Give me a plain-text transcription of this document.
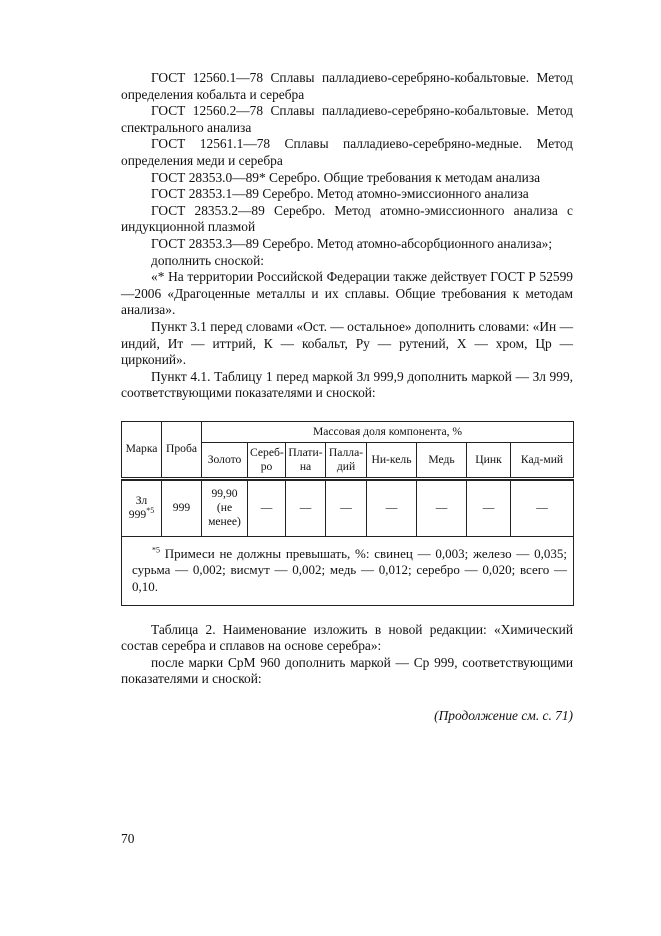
ГОСТ 12560.1—78 Сплавы палладиево-серебряно-кобальтовые. Метод определения кобальта и серебра

ГОСТ 12560.2—78 Сплавы палладиево-серебряно-кобальтовые. Метод спектрального анализа

ГОСТ 12561.1—78 Сплавы палладиево-серебряно-медные. Метод определения меди и серебра

ГОСТ 28353.0—89* Серебро. Общие требования к методам анализа

ГОСТ 28353.1—89 Серебро. Метод атомно-эмиссионного анализа

ГОСТ 28353.2—89 Серебро. Метод атомно-эмиссионного анализа с индукционной плазмой

ГОСТ 28353.3—89 Серебро. Метод атомно-абсорбционного анализа»;

дополнить сноской:

«* На территории Российской Федерации также действует ГОСТ Р 52599—2006 «Драгоценные металлы и их сплавы. Общие требования к методам анализа».

Пункт 3.1 перед словами «Ост. — остальное» дополнить словами: «Ин — индий, Ит — иттрий, К — кобальт, Ру — рутений, Х — хром, Цр — цирконий».

Пункт 4.1. Таблицу 1 перед маркой Зл 999,9 дополнить маркой — Зл 999, соответствующими показателями и сноской:

Марка	Проба	Массовая доля компонента, %							
		Золото	Сереб-ро	Плати-на	Палла-дий	Ни-кель	Медь	Цинк	Кад-мий

Зл 999$^{*5}$	999	99,90 (не менее)	—	—	—	—	—	—	—

$^{*5}$ Примеси не должны превышать, %: свинец — 0,003; железо — 0,035; сурьма — 0,002; висмут — 0,002; медь — 0,012; серебро — 0,020; всего — 0,10.									

Таблица 2. Наименование изложить в новой редакции: «Химический состав серебра и сплавов на основе серебра»:

после марки СрМ 960 дополнить маркой — Ср 999, соответствующими показателями и сноской:

(Продолжение см. с. 71)

70
